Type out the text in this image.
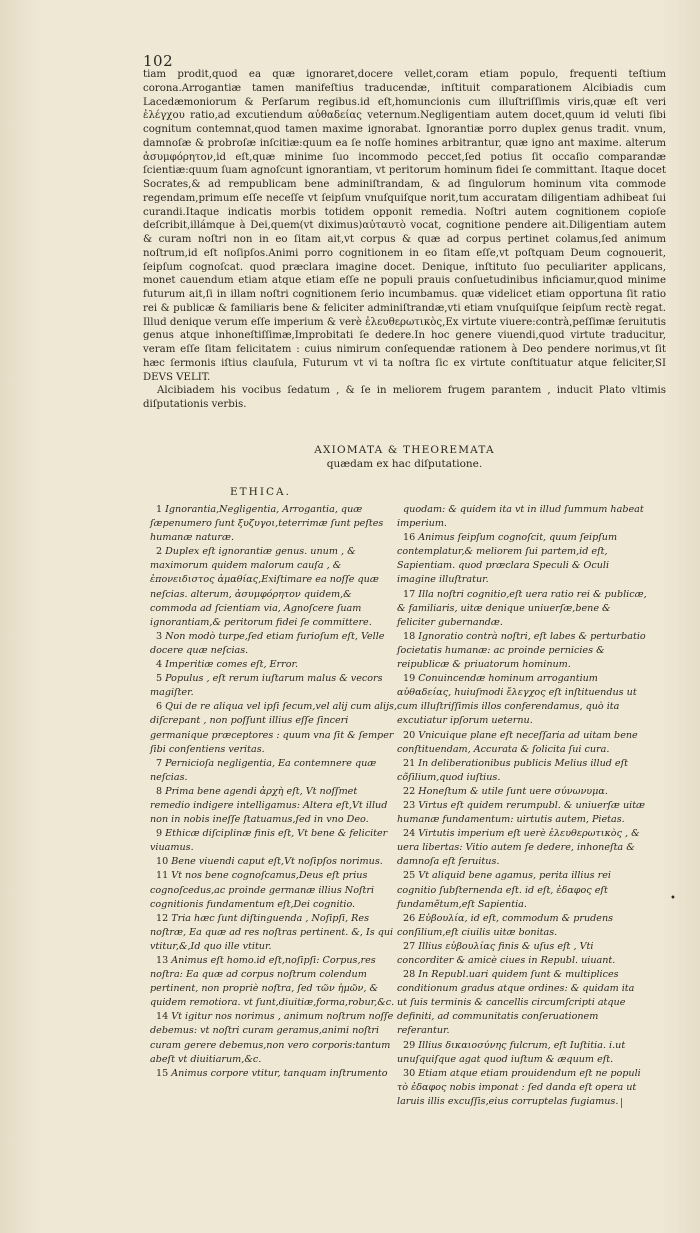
102

tiam prodit,quod ea quæ ignoraret,docere vellet,coram etiam populo, frequenti teſtium corona.Arrogantiæ tamen manifeſtius traducendæ, inſtituit comparationem Alcibiadis cum Lacedæmoniorum & Perſarum regibus.id eſt,homuncionis cum illuſtriſſimis viris,quæ eſt veri ἐλέγχου ratio,ad excutiendum αὐθαδείας veternum.Negligentiam autem docet,quum id veluti ſibi cognitum contemnat,quod tamen maxime ignorabat. Ignorantiæ porro duplex genus tradit. vnum, damnoſæ & probroſæ inſcitiæ:quum ea ſe noſſe homines arbitrantur, quæ igno ant maxime. alterum ἀσυμφόρητον,id eſt,quæ minime ſuo incommodo peccet,ſed potius ſit occaſio comparandæ ſcientiæ:quum ſuam agnoſcunt ignorantiam, vt peritorum hominum fidei ſe committant. Itaque docet Socrates,& ad rempublicam bene adminiſtrandam, & ad ſingulorum hominum vita commode regendam,primum eſſe neceſſe vt ſeipſum vnuſquiſque norit,tum accuratam diligentiam adhibeat ſui curandi.Itaque indicatis morbis totidem opponit remedia. Noſtri autem cognitionem copioſe deſcribit,illámque à Dei,quem(vt diximus)αὐταυτὸ vocat, cognitione pendere ait.Diligentiam autem & curam noſtri non in eo ſitam ait,vt corpus & quæ ad corpus pertinet colamus,ſed animum noſtrum,id eſt noſipſos.Animi porro cognitionem in eo ſitam eſſe,vt poſtquam Deum cognouerit, ſeipſum cognoſcat. quod præclara imagine docet. Denique, inſtituto ſuo peculiariter applicans, monet cauendum etiam atque etiam eſſe ne populi prauis conſuetudinibus inficiamur,quod minime futurum ait,ſi in illam noſtri cognitionem ſerio incumbamus. quæ videlicet etiam opportuna ſit ratio rei & publicæ & familiaris bene & feliciter adminiſtrandæ,vti etiam vnuſquiſque ſeipſum rectè regat. Illud denique verum eſſe imperium & verè ἐλευθερωτικὸς,Ex virtute viuere:contrà,peſſimæ ſeruitutis genus atque inhoneſtiſſimæ,Improbitati ſe dedere.In hoc genere viuendi,quod virtute traducitur, veram eſſe ſitam felicitatem : cuius nimirum conſequendæ rationem à Deo pendere norimus,vt ſit hæc ſermonis iſtius clauſula, Futurum vt vi ta noſtra ſic ex virtute conſtituatur atque feliciter,SI DEVS VELIT.

Alcibiadem his vocibus ſedatum , & ſe in meliorem frugem parantem , inducit Plato vltimis diſputationis verbis.

AXIOMATA & THEOREMATA
quædam ex hac diſputatione.
ETHICA.

1 Ignorantia,Negligentia, Arrogantia, quæ ſæpenumero ſunt ξυζυγοι,teterrimæ ſunt peſtes humanæ naturæ.

2 Duplex eſt ignorantiæ genus. unum , & maximorum quidem malorum cauſa , & ἐπονειδιστος ἀμαθίας,Exiſtimare ea noſſe quæ neſcias. alterum, ἀσυμφόρητον quidem,& commoda ad ſcientiam via, Agnoſcere ſuam ignorantiam,& peritorum fidei ſe committere.

3 Non modò turpe,ſed etiam furioſum eſt, Velle docere quæ neſcias.

4 Imperitiæ comes eſt, Error.

5 Populus , eſt rerum iuſtarum malus & vecors magiſter.

6 Qui de re aliqua vel ipſi ſecum,vel alij cum alijs, diſcrepant , non poſſunt illius eſſe ſinceri germanique præceptores : quum vna ſit & ſemper ſibi conſentiens veritas.

7 Pernicioſa negligentia, Ea contemnere quæ neſcias.

8 Prima bene agendi ἀρχὴ eſt, Vt noſſmet remedio indigere intelligamus: Altera eſt,Vt illud non in nobis ineſſe ſtatuamus,ſed in vno Deo.

9 Ethicæ diſciplinæ finis eſt, Vt bene & feliciter viuamus.

10 Bene viuendi caput eſt,Vt noſipſos norimus.

11 Vt nos bene cognoſcamus,Deus eſt prius cognoſcedus,ac proinde germanæ illius Noſtri cognitionis fundamentum eſt,Dei cognitio.

12 Tria hæc ſunt diſtinguenda , Noſipſi, Res noſtræ, Ea quæ ad res noſtras pertinent. &, Is qui vtitur,&,Id quo ille vtitur.

13 Animus eſt homo.id eſt,noſipſi: Corpus,res noſtra: Ea quæ ad corpus noſtrum colendum pertinent, non propriè noſtra, ſed τῶν ἡμῶν, & quidem remotiora. vt ſunt,diuitiæ,forma,robur,&c.

14 Vt igitur nos norimus , animum noſtrum noſſe debemus: vt noſtri curam geramus,animi noſtri curam gerere debemus,non vero corporis:tantum abeſt vt diuitiarum,&c.

15 Animus corpore vtitur, tanquam inſtrumento

quodam: & quidem ita vt in illud ſummum habeat imperium.

16 Animus ſeipſum cognoſcit, quum ſeipſum contemplatur,& meliorem ſui partem,id eſt, Sapientiam. quod præclara Speculi & Oculi imagine illuſtratur.

17 Illa noſtri cognitio,eſt uera ratio rei & publicæ, & familiaris, uitæ denique uniuerſæ,bene & feliciter gubernandæ.

18 Ignoratio contrà noſtri, eſt labes & perturbatio ſocietatis humanæ: ac proinde pernicies & reipublicæ & priuatorum hominum.

19 Conuincendæ hominum arrogantium αὐθαδείας, huiuſmodi ἔλεγχος eſt inſtituendus ut cum illuſtriſſimis illos conferendamus, quò ita excutiatur ipſorum ueternu.

20 Vnicuique plane eſt neceſſaria ad uitam bene conſtituendam, Accurata & ſolicita ſui cura.

21 In deliberationibus publicis Melius illud eſt cõſilium,quod iuſtius.

22 Honeſtum & utile ſunt uere σύνωνυμα.

23 Virtus eſt quidem rerumpubl. & uniuerſæ uitæ humanæ fundamentum: uirtutis autem, Pietas.

24 Virtutis imperium eſt uerè ἐλευθερωτικὸς , & uera libertas: Vitio autem ſe dedere, inhoneſta & damnoſa eſt ſeruitus.

25 Vt aliquid bene agamus, perita illius rei cognitio ſubſternenda eſt. id eſt, ἐδαφος eſt fundamẽtum,eſt Sapientia.

26 Εὐβουλία, id eſt, commodum & prudens conſilium,eſt ciuilis uitæ bonitas.

27 Illius εὐβουλίας finis & uſus eſt , Vti concorditer & amicè ciues in Republ. uiuant.

28 In Republ.uari quidem ſunt & multiplices conditionum gradus atque ordines: & quidam ita ut ſuis terminis & cancellis circumſcripti atque definiti, ad communitatis conſeruationem referantur.

29 Illius δικαιοσύνης fulcrum, eſt Iuſtitia. i.ut unuſquiſque agat quod iuſtum & æquum eſt.

30 Etiam atque etiam prouidendum eſt ne populi τὸ ἐδαφος nobis imponat : ſed danda eſt opera ut laruis illis excuſſis,eius corruptelas fugiamus.

•
